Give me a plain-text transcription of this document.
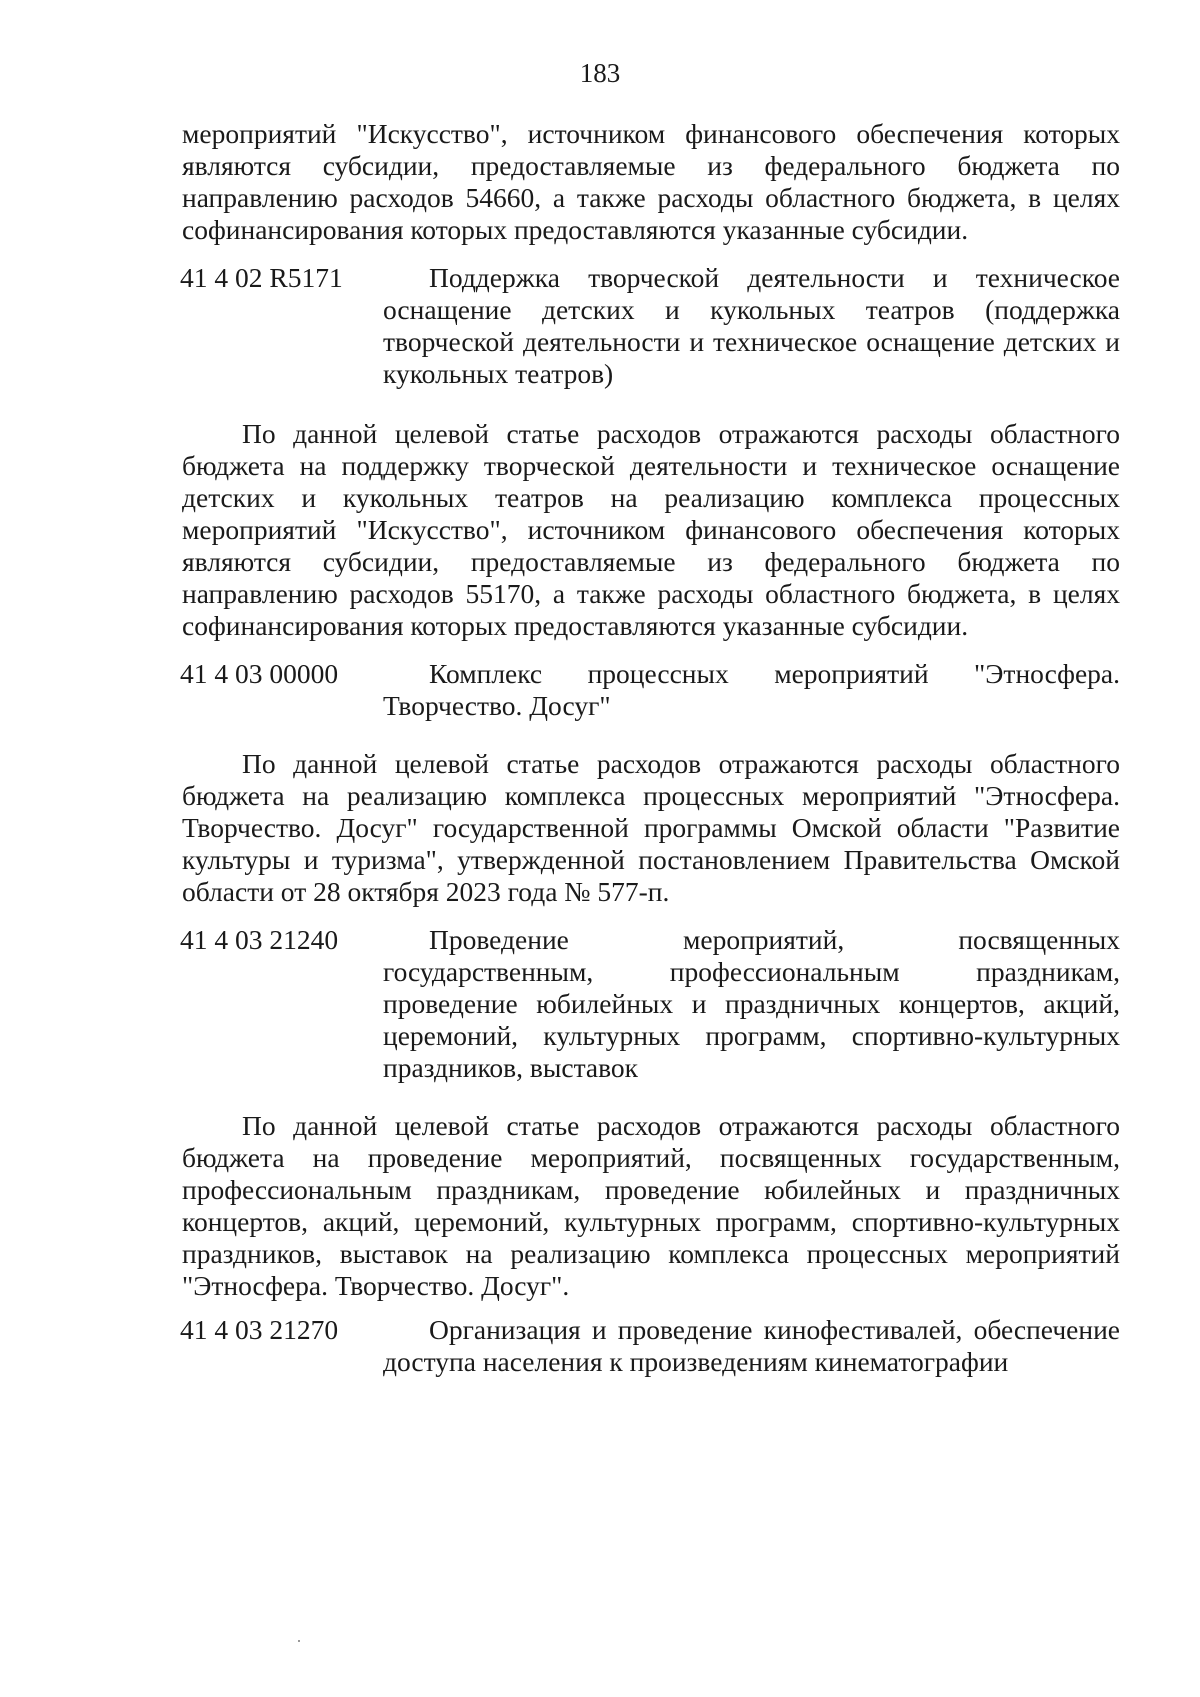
183
мероприятий "Искусство", источником финансового обеспечения которых являются субсидии, предоставляемые из федерального бюджета по направлению расходов 54660, а также расходы областного бюджета, в целях софинансирования которых предоставляются указанные субсидии.
41 4 02 R5171	Поддержка творческой деятельности и техническое оснащение детских и кукольных театров (поддержка творческой деятельности и техническое оснащение детских и кукольных театров)
По данной целевой статье расходов отражаются расходы областного бюджета на поддержку творческой деятельности и техническое оснащение детских и кукольных театров на реализацию комплекса процессных мероприятий "Искусство", источником финансового обеспечения которых являются субсидии, предоставляемые из федерального бюджета по направлению расходов 55170, а также расходы областного бюджета, в целях софинансирования которых предоставляются указанные субсидии.
41 4 03 00000	Комплекс процессных мероприятий "Этносфера. Творчество. Досуг"
По данной целевой статье расходов отражаются расходы областного бюджета на реализацию комплекса процессных мероприятий "Этносфера. Творчество. Досуг" государственной программы Омской области "Развитие культуры и туризма", утвержденной постановлением Правительства Омской области от 28 октября 2023 года № 577-п.
41 4 03 21240	Проведение мероприятий, посвященных государственным, профессиональным праздникам, проведение юбилейных и праздничных концертов, акций, церемоний, культурных программ, спортивно-культурных праздников, выставок
По данной целевой статье расходов отражаются расходы областного бюджета на проведение мероприятий, посвященных государственным, профессиональным праздникам, проведение юбилейных и праздничных концертов, акций, церемоний, культурных программ, спортивно-культурных праздников, выставок на реализацию комплекса процессных мероприятий "Этносфера. Творчество. Досуг".
41 4 03 21270	Организация и проведение кинофестивалей, обеспечение доступа населения к произведениям кинематографии
